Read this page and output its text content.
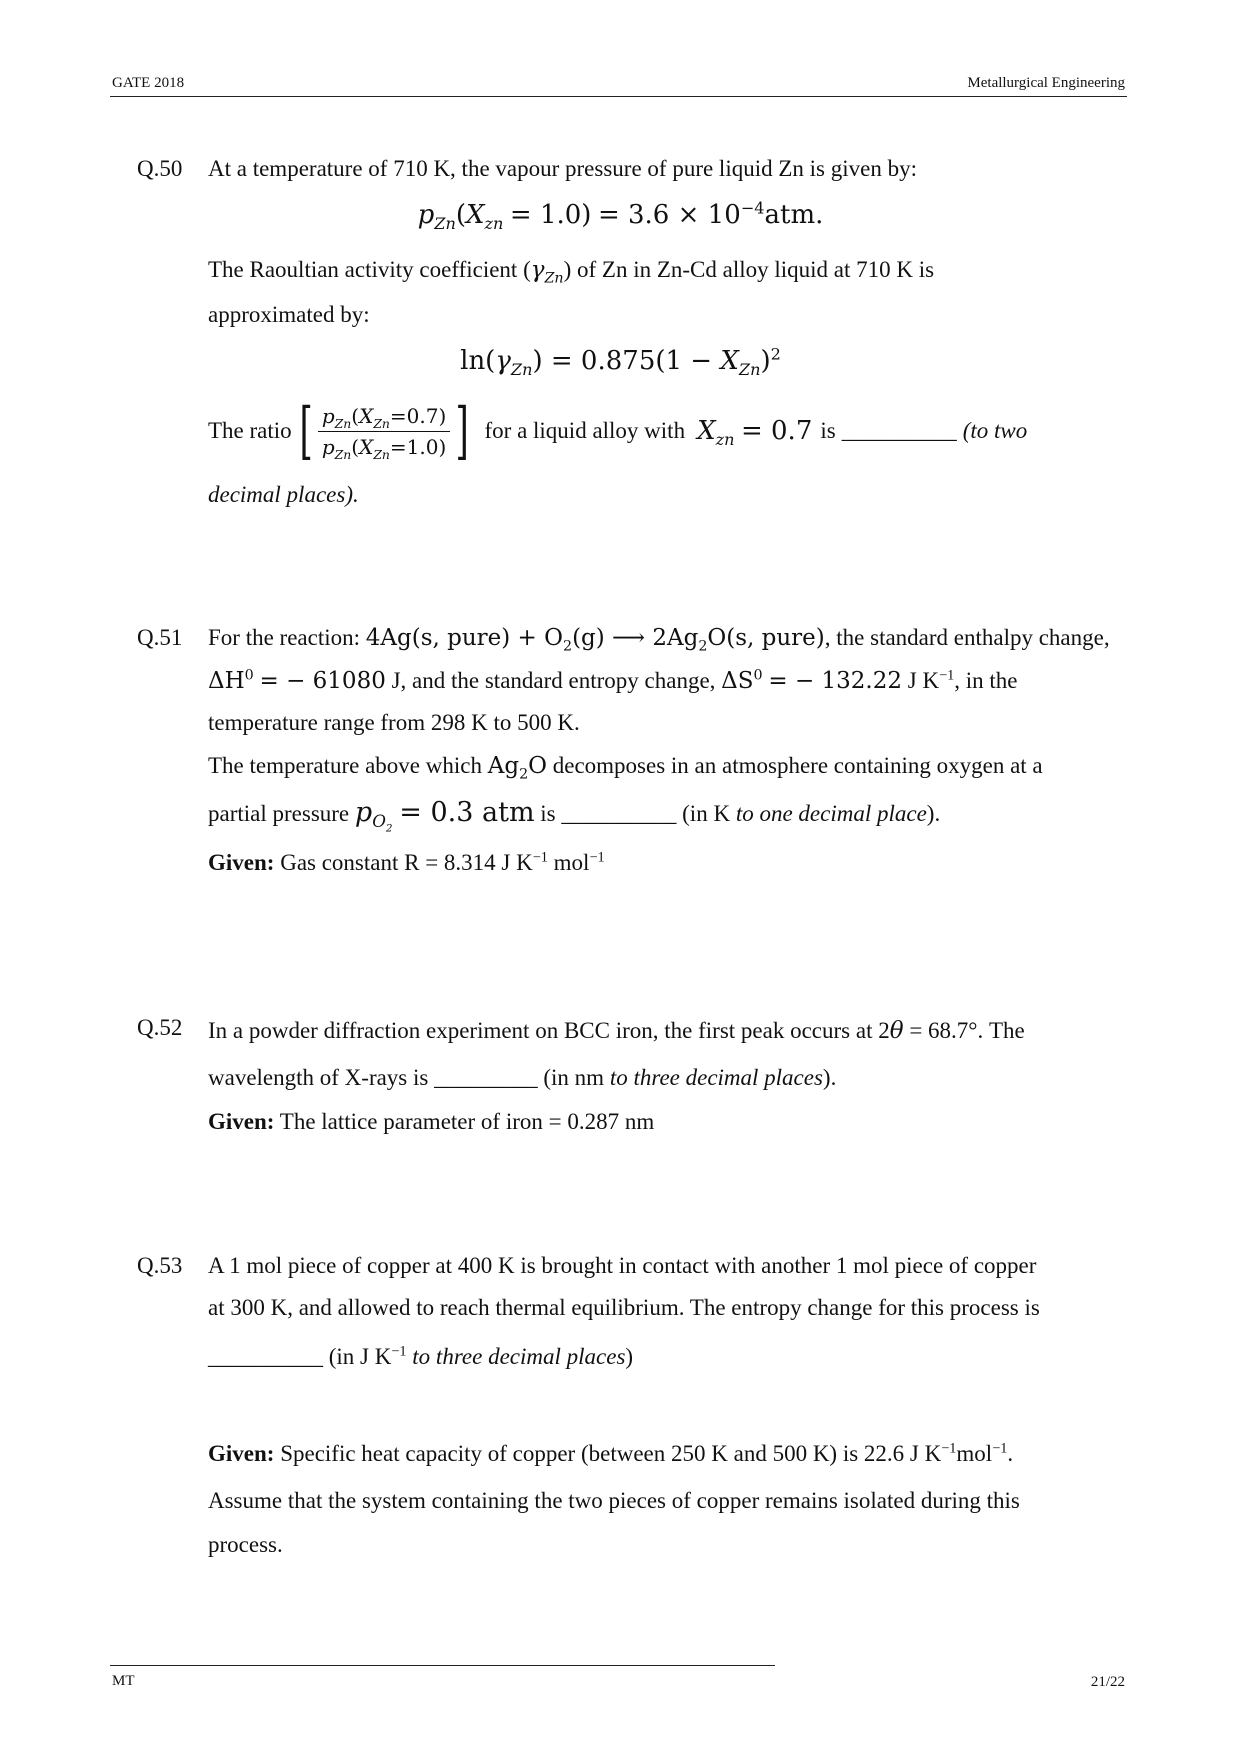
GATE 2018	Metallurgical Engineering
Q.50 At a temperature of 710 K, the vapour pressure of pure liquid Zn is given by:
$p_{Zn}(X_{zn} = 1.0) = 3.6 \times 10^{-4}atm$.
The Raoultian activity coefficient $(\gamma_{Zn})$ of Zn in Zn-Cd alloy liquid at 710 K is
approximated by:
$\ln(\gamma_{Zn}) = 0.875(1 - X_{Zn})^2$
The ratio [ $\frac{p_{Zn}(X_{Zn}=0.7)}{p_{Zn}(X_{Zn}=1.0)}$ ] for a liquid alloy with $X_{zn} = 0.7$ is __________ (to two
decimal places).
Q.51 For the reaction: 4Ag(s, pure) + $O_2(g)$ ⟶ $2Ag_2O(s$, pure), the standard enthalpy change,
$\Delta H^0$ = − 61080 J, and the standard entropy change, $\Delta S^0$ = − 132.22 J $K^{-1}$, in the
temperature range from 298 K to 500 K.
The temperature above which $Ag_2O$ decomposes in an atmosphere containing oxygen at a
partial pressure $p_{O_2} = 0.3$ atm is __________ (in K to one decimal place).
Given: Gas constant R = 8.314 J $K^{-1}$ mol$^{-1}$
Q.52 In a powder diffraction experiment on BCC iron, the first peak occurs at 2θ = 68.7°. The
wavelength of X-rays is _________ (in nm to three decimal places).
Given: The lattice parameter of iron = 0.287 nm
Q.53 A 1 mol piece of copper at 400 K is brought in contact with another 1 mol piece of copper
at 300 K, and allowed to reach thermal equilibrium. The entropy change for this process is
__________ (in J $K^{-1}$ to three decimal places)
Given: Specific heat capacity of copper (between 250 K and 500 K) is 22.6 J $K^{-1}mol^{-1}$.
Assume that the system containing the two pieces of copper remains isolated during this
process.
MT	21/22
